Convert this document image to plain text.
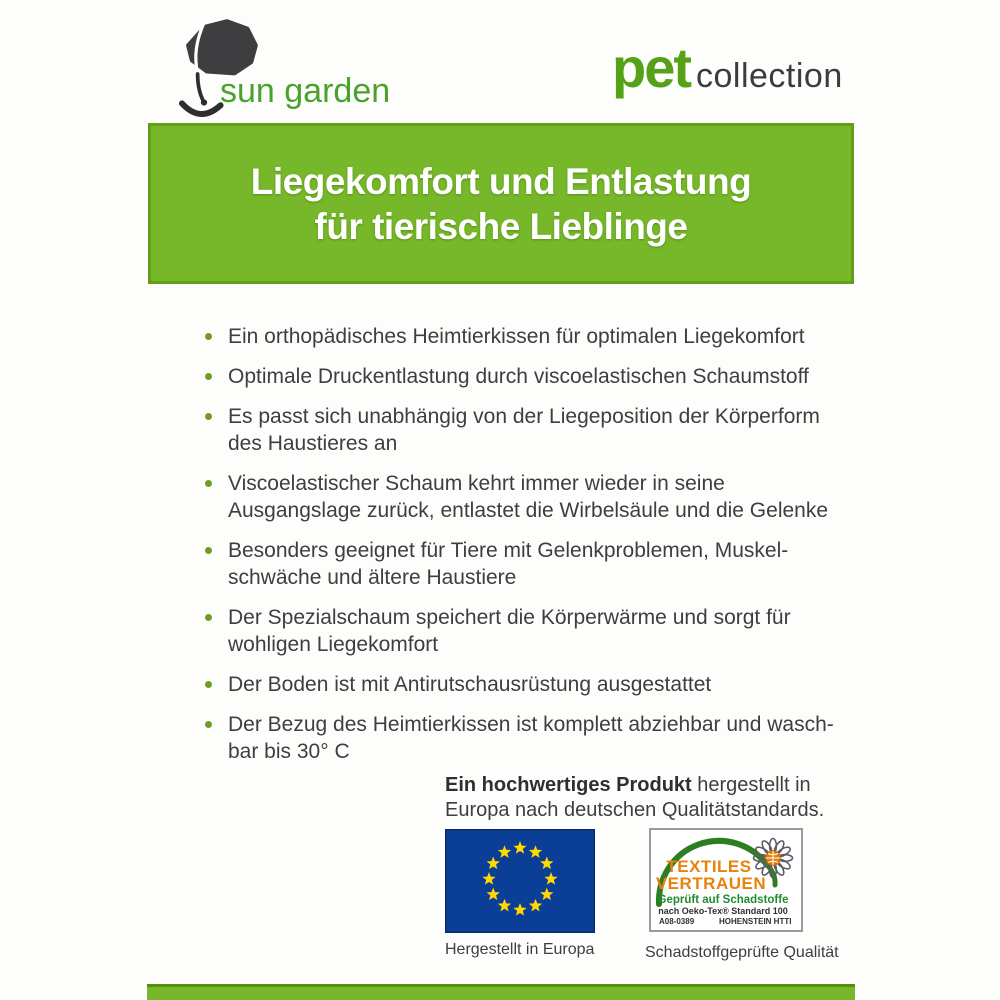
sun garden	pet collection
Liegekomfort und Entlastung
für tierische Lieblinge
Ein orthopädisches Heimtierkissen für optimalen Liegekomfort
Optimale Druckentlastung durch viscoelastischen Schaumstoff
Es passt sich unabhängig von der Liegeposition der Körperform
des Haustieres an
Viscoelastischer Schaum kehrt immer wieder in seine
Ausgangslage zurück, entlastet die Wirbelsäule und die Gelenke
Besonders geeignet für Tiere mit Gelenkproblemen, Muskel-
schwäche und ältere Haustiere
Der Spezialschaum speichert die Körperwärme und sorgt für
wohligen Liegekomfort
Der Boden ist mit Antirutschausrüstung ausgestattet
Der Bezug des Heimtierkissen ist komplett abziehbar und wasch-
bar bis 30° C
Ein hochwertiges Produkt hergestellt in Europa nach deutschen Qualitätstandards.
Hergestellt in Europa
TEXTILES
VERTRAUEN
Geprüft auf Schadstoffe
nach Oeko-Tex® Standard 100
A08-0389	HOHENSTEIN HTTI
Schadstoffgeprüfte Qualität
